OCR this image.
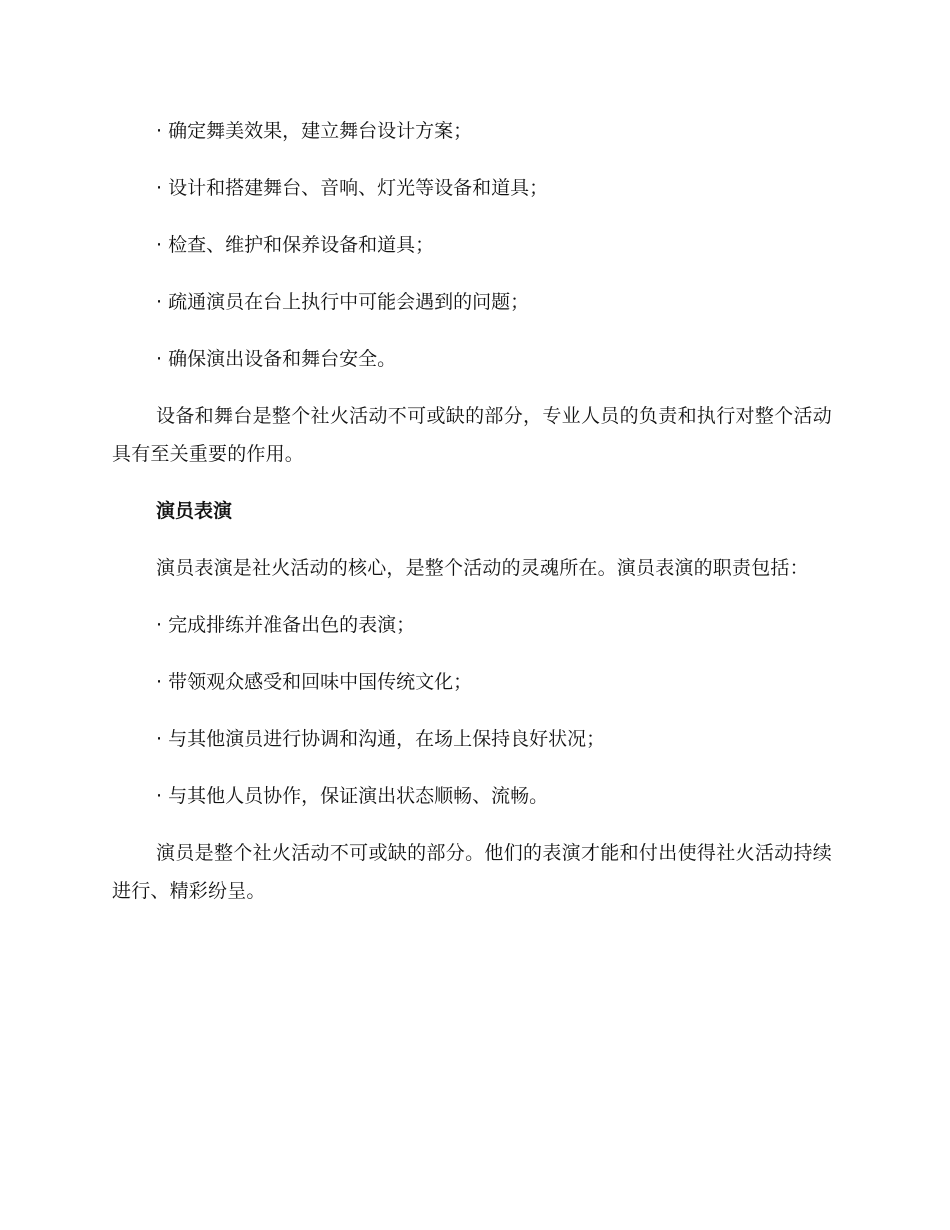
· 确定舞美效果，建立舞台设计方案；

· 设计和搭建舞台、音响、灯光等设备和道具；

· 检查、维护和保养设备和道具；

· 疏通演员在台上执行中可能会遇到的问题；

· 确保演出设备和舞台安全。

设备和舞台是整个社火活动不可或缺的部分，专业人员的负责和执行对整个活动具有至关重要的作用。

演员表演

演员表演是社火活动的核心，是整个活动的灵魂所在。演员表演的职责包括：

· 完成排练并准备出色的表演；

· 带领观众感受和回味中国传统文化；

· 与其他演员进行协调和沟通，在场上保持良好状况；

· 与其他人员协作，保证演出状态顺畅、流畅。

演员是整个社火活动不可或缺的部分。他们的表演才能和付出使得社火活动持续进行、精彩纷呈。
